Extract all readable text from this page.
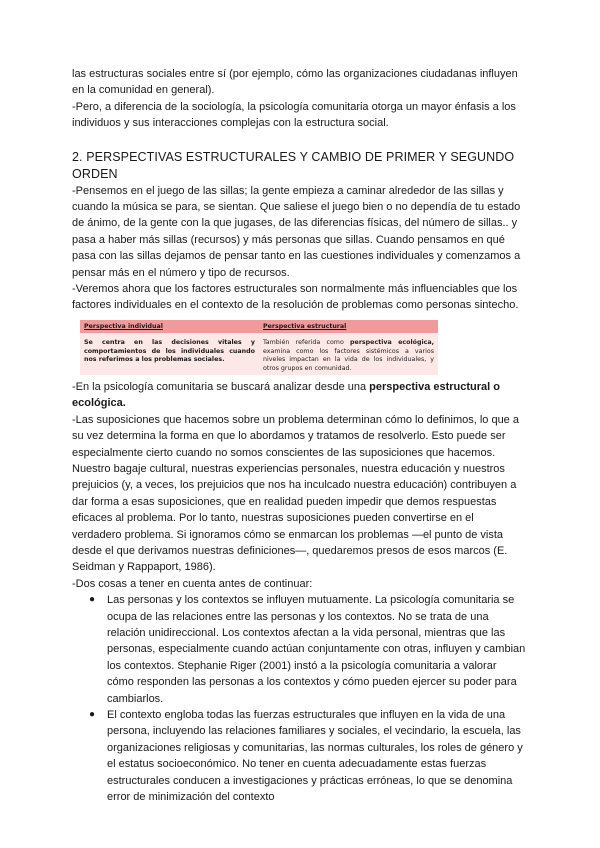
las estructuras sociales entre sí (por ejemplo, cómo las organizaciones ciudadanas influyen en la comunidad en general).

-Pero, a diferencia de la sociología, la psicología comunitaria otorga un mayor énfasis a los individuos y sus interacciones complejas con la estructura social.

2. PERSPECTIVAS ESTRUCTURALES Y CAMBIO DE PRIMER Y SEGUNDO ORDEN

-Pensemos en el juego de las sillas; la gente empieza a caminar alrededor de las sillas y cuando la música se para, se sientan. Que saliese el juego bien o no dependía de tu estado de ánimo, de la gente con la que jugases, de las diferencias físicas, del número de sillas.. y pasa a haber más sillas (recursos) y más personas que sillas. Cuando pensamos en qué pasa con las sillas dejamos de pensar tanto en las cuestiones individuales y comenzamos a pensar más en el número y tipo de recursos.

-Veremos ahora que los factores estructurales son normalmente más influenciables que los factores individuales en el contexto de la resolución de problemas como personas sintecho.

Perspectiva individual	Perspectiva estructural
Se centra en las decisiones vitales y comportamientos de los individuales cuando nos referimos a los problemas sociales.	También referida como perspectiva ecológica, examina como los factores sistémicos a varios niveles impactan en la vida de los individuales, y otros grupos en comunidad.

-En la psicología comunitaria se buscará analizar desde una perspectiva estructural o ecológica.

-Las suposiciones que hacemos sobre un problema determinan cómo lo definimos, lo que a su vez determina la forma en que lo abordamos y tratamos de resolverlo. Esto puede ser especialmente cierto cuando no somos conscientes de las suposiciones que hacemos. Nuestro bagaje cultural, nuestras experiencias personales, nuestra educación y nuestros prejuicios (y, a veces, los prejuicios que nos ha inculcado nuestra educación) contribuyen a dar forma a esas suposiciones, que en realidad pueden impedir que demos respuestas eficaces al problema. Por lo tanto, nuestras suposiciones pueden convertirse en el verdadero problema. Si ignoramos cómo se enmarcan los problemas —el punto de vista desde el que derivamos nuestras definiciones—, quedaremos presos de esos marcos (E. Seidman y Rappaport, 1986).

-Dos cosas a tener en cuenta antes de continuar:

● Las personas y los contextos se influyen mutuamente. La psicología comunitaria se ocupa de las relaciones entre las personas y los contextos. No se trata de una relación unidireccional. Los contextos afectan a la vida personal, mientras que las personas, especialmente cuando actúan conjuntamente con otras, influyen y cambian los contextos. Stephanie Riger (2001) instó a la psicología comunitaria a valorar cómo responden las personas a los contextos y cómo pueden ejercer su poder para cambiarlos.
● El contexto engloba todas las fuerzas estructurales que influyen en la vida de una persona, incluyendo las relaciones familiares y sociales, el vecindario, la escuela, las organizaciones religiosas y comunitarias, las normas culturales, los roles de género y el estatus socioeconómico. No tener en cuenta adecuadamente estas fuerzas estructurales conducen a investigaciones y prácticas erróneas, lo que se denomina error de minimización del contexto
